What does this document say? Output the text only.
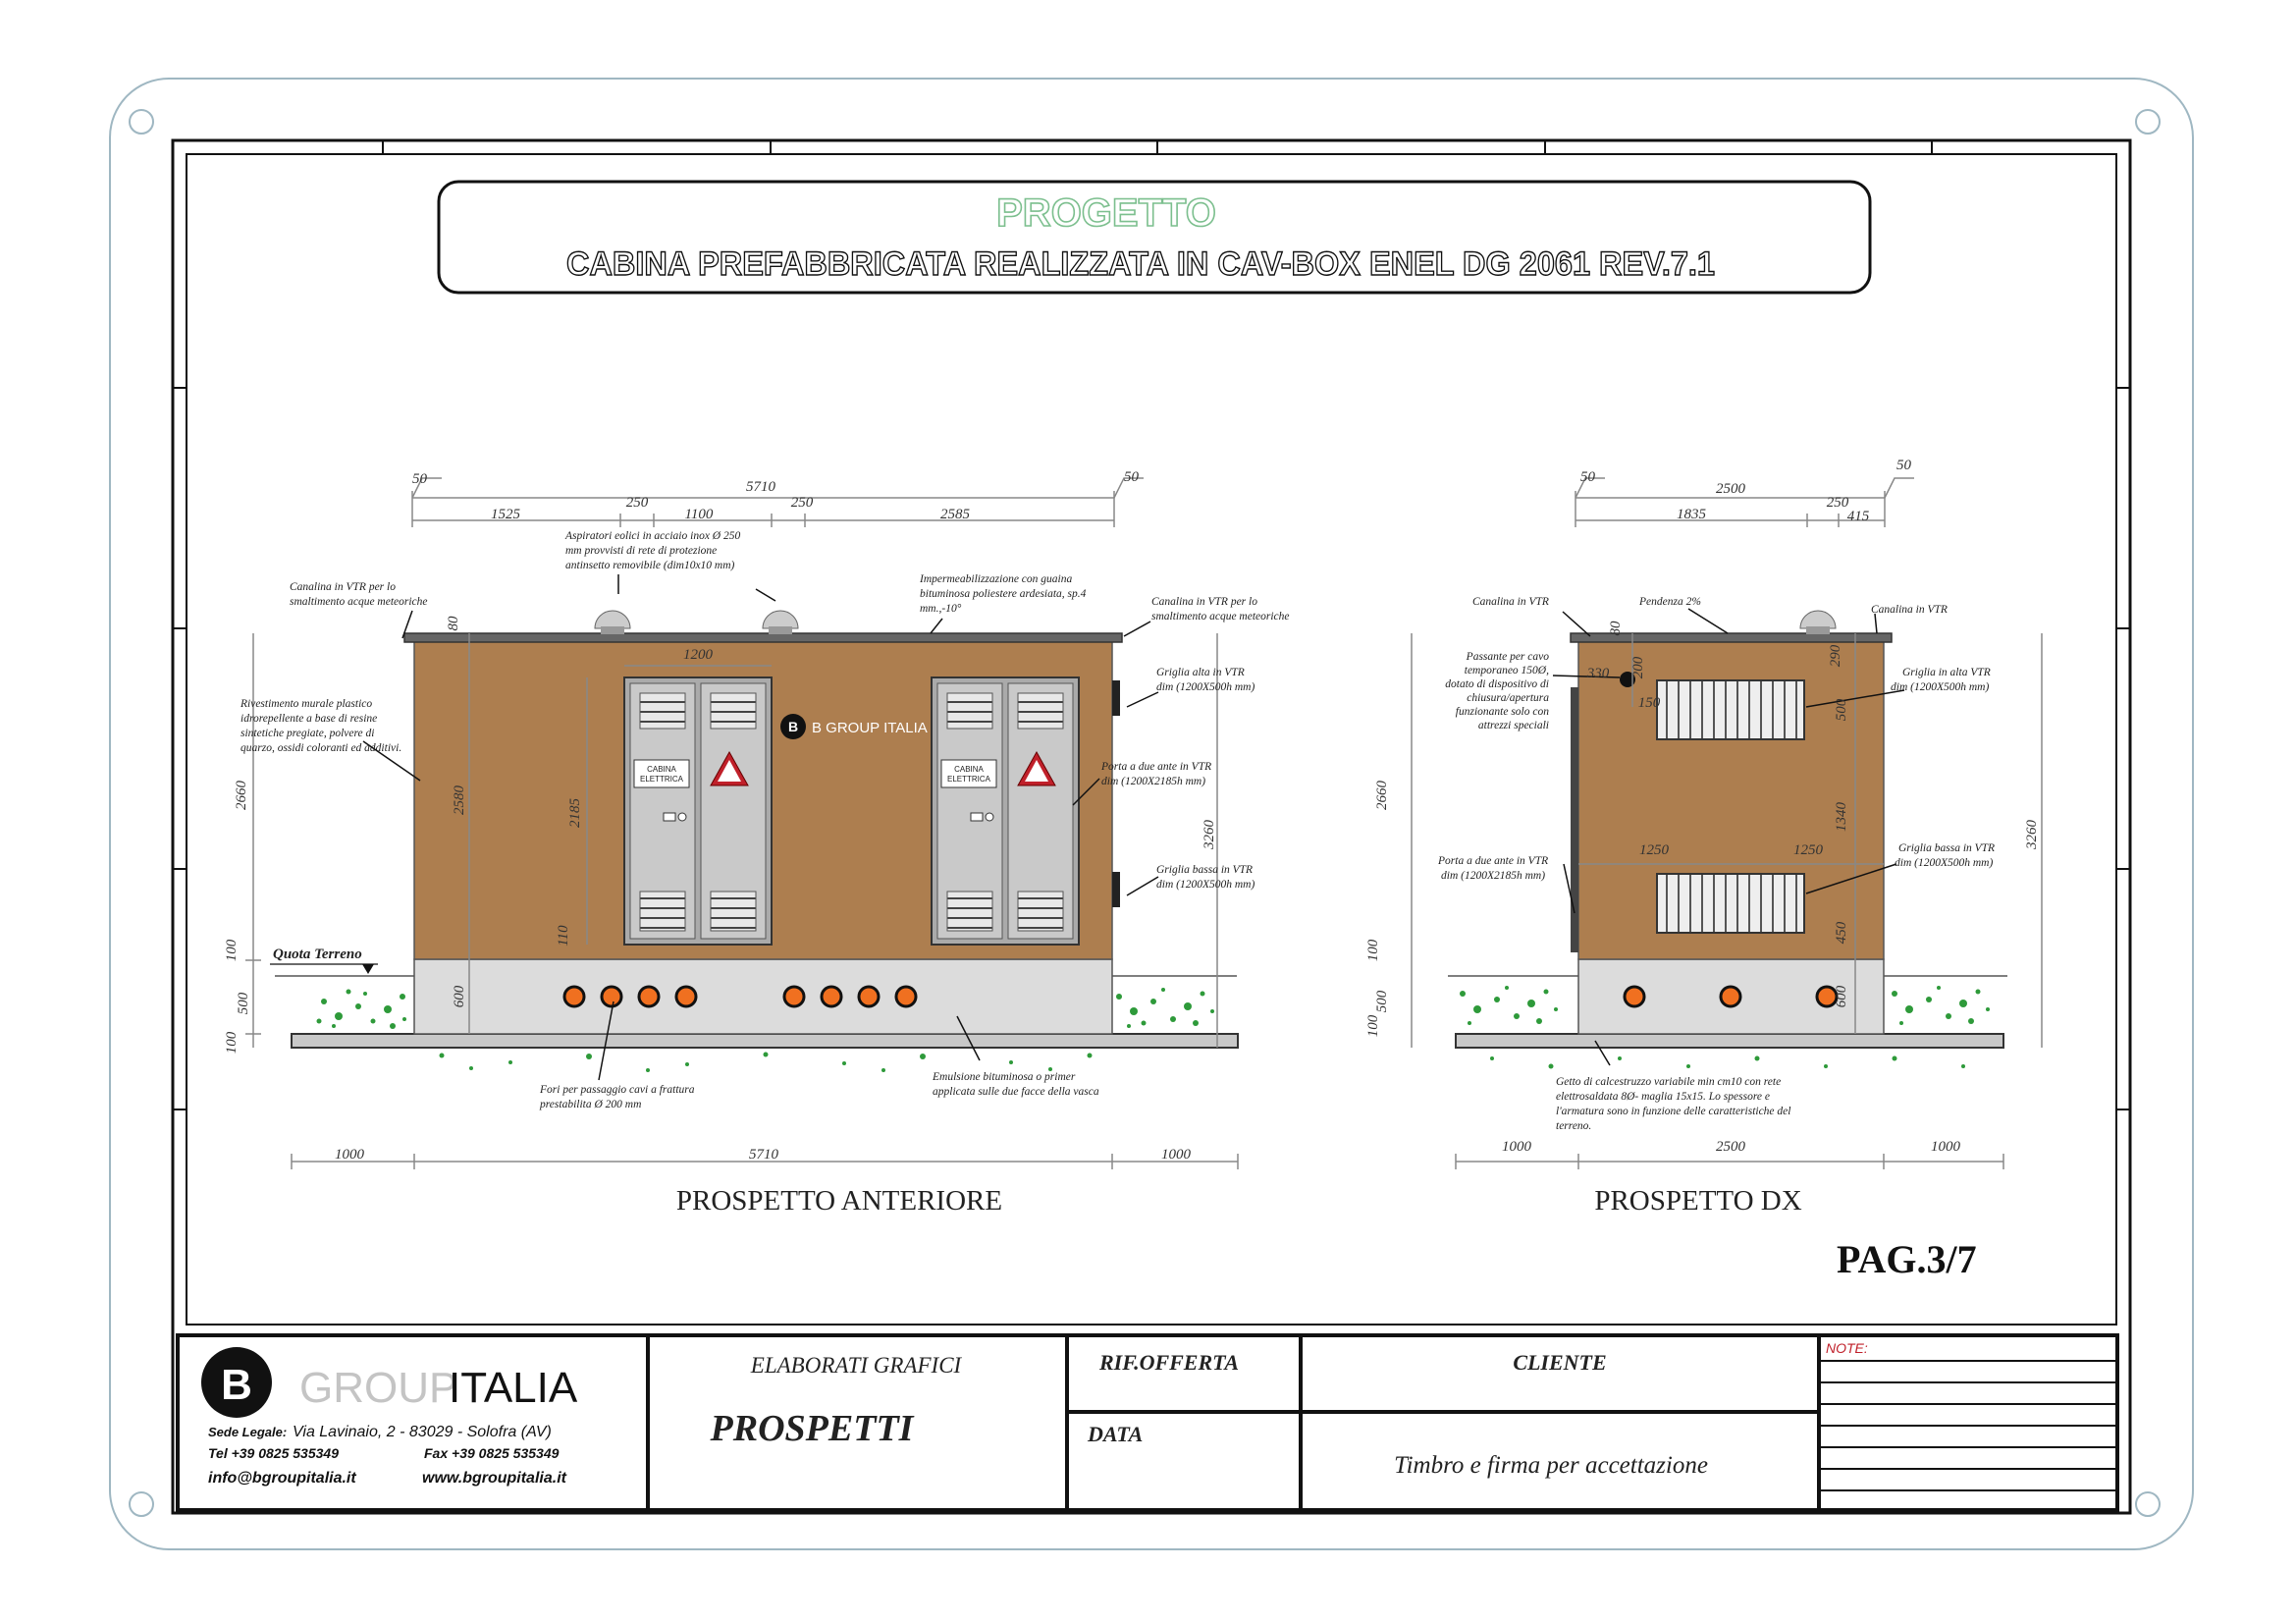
PROGETTO
CABINA PREFABBRICATA REALIZZATA IN CAV-BOX ENEL DG 2061 REV.7.1
CABINA
ELETTRICA
CABINA
ELETTRICA
B B GROUP ITALIA
50	5710
50
1525
250
1100
250
2585
1200
1000	5710	1000
80
2660	2580	2185
3260
110
100
500
100
600
Quota Terreno
Aspiratori eolici in acciaio inox Ø 250
mm provvisti di rete di protezione
antinsetto removibile (dim10x10 mm)
Canalina in VTR per lo
smaltimento acque meteoriche
Impermeabilizzazione con guaina
bituminosa poliestere ardesiata, sp.4
mm.,-10°
Canalina in VTR per lo
smaltimento acque meteoriche
Rivestimento murale plastico
idrorepellente a base di resine
sintetiche pregiate, polvere di
quarzo, ossidi coloranti ed additivi.
Griglia alta in VTR
dim (1200X500h mm)
Porta a due ante in VTR
dim (1200X2185h mm)
Griglia bassa in VTR
dim (1200X500h mm)
Fori per passaggio cavi a frattura
prestabilita Ø 200 mm
Emulsione bituminosa o primer
applicata sulle due facce della vasca
PROSPETTO ANTERIORE
50
2500
50
1835
250
415
1000	2500	1000
1250	1250
80
330 200
150
290
500
1340
450
600
2660
3260
100
500
100
Canalina in VTR	Pendenza 2%
Canalina in VTR
Passante per cavo
temporaneo 150Ø,
dotato di dispositivo di
chiusura/apertura
funzionante solo con
attrezzi speciali
Griglia in alta VTR
dim (1200X500h mm)
Porta a due ante in VTR
dim (1200X2185h mm)
Griglia bassa in VTR
dim (1200X500h mm)
Getto di calcestruzzo variabile min cm10 con rete
elettrosaldata 8Ø- maglia 15x15. Lo spessore e
l'armatura sono in funzione delle caratteristiche del
terreno.
PROSPETTO DX
PAG.3/7
B GROUP
ITALIA
Sede Legale: Via Lavinaio, 2 - 83029 - Solofra (AV)
Tel +39 0825 535349	Fax +39 0825 535349
info@bgroupitalia.it	www.bgroupitalia.it
ELABORATI GRAFICI
PROSPETTI
RIF.OFFERTA
DATA
CLIENTE
Timbro e firma per accettazione
NOTE:
